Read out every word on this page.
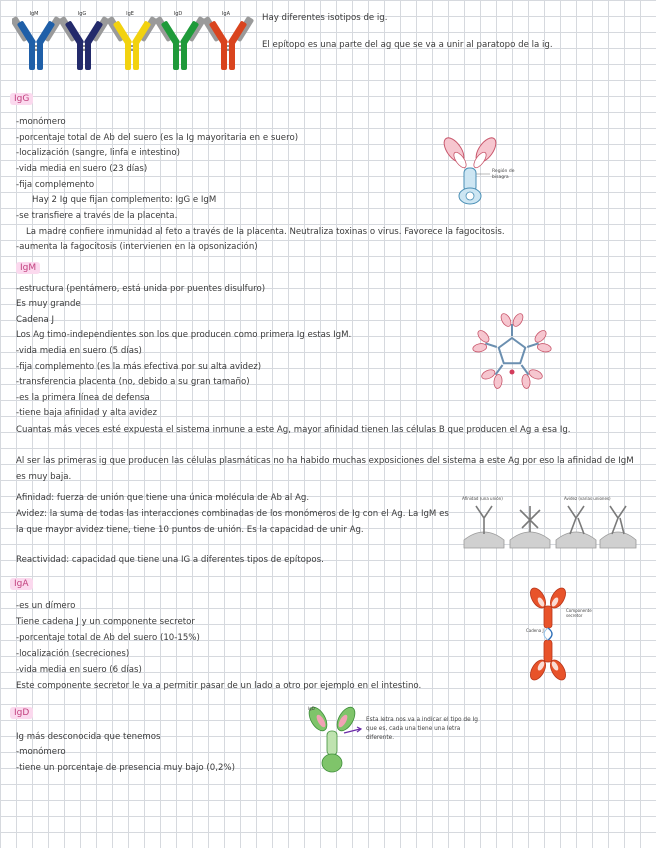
IgM	IgG	IgE	IgD	IgA	Hay diferentes isotipos de ig.
El epítopo es una parte del ag que se va a unir al paratopo de la ig.
IgG
-monómero
-porcentaje total de Ab del suero (es la Ig mayoritaria en e suero)
-localización (sangre, linfa e intestino)
-vida media en suero (23 días)
-fija complemento
Hay 2 Ig que fijan complemento: IgG e IgM
-se transfiere a través de la placenta.
La madre confiere inmunidad al feto a través de la placenta. Neutraliza toxinas o virus. Favorece la fagocitosis.
-aumenta la fagocitosis (intervienen en la opsonización)
Región de bisagra
IgM
-estructura (pentámero, está unida por puentes disulfuro)
Es muy grande
Cadena J
Los Ag timo-independientes son los que producen como primera Ig estas IgM.
-vida media en suero (5 días)
-fija complemento (es la más efectiva por su alta avidez)
-transferencia placenta (no, debido a su gran tamaño)
-es la primera línea de defensa
-tiene baja afinidad y alta avidez
Cuantas más veces esté expuesta el sistema inmune a este Ag, mayor afinidad tienen las células B que producen el Ag a esa Ig.
Al ser las primeras ig que producen las células plasmáticas no ha habido muchas exposiciones del sistema a este Ag por eso la afinidad de IgM es muy baja.
Afinidad: fuerza de unión que tiene una única molécula de Ab al Ag.
Avidez: la suma de todas las interacciones combinadas de los monómeros de Ig con el Ag. La IgM es la que mayor avidez tiene, tiene 10 puntos de unión. Es la capacidad de unir Ag.
Reactividad: capacidad que tiene una IG a diferentes tipos de epítopos.
Afinidad (una unión)	Avidez (varias uniones)
IgA
-es un dímero
Tiene cadena J y un componente secretor
-porcentaje total de Ab del suero (10-15%)
-localización (secreciones)
-vida media en suero (6 días)
Este componente secretor le va a permitir pasar de un lado a otro por ejemplo en el intestino.
Componente secretor
Cadena J
IgD
Ig más desconocida que tenemos
-monómero
-tiene un porcentaje de presencia muy bajo (0,2%)
IgD
Esta letra nos va a indicar el tipo de Ig que es, cada una tiene una letra diferente.
